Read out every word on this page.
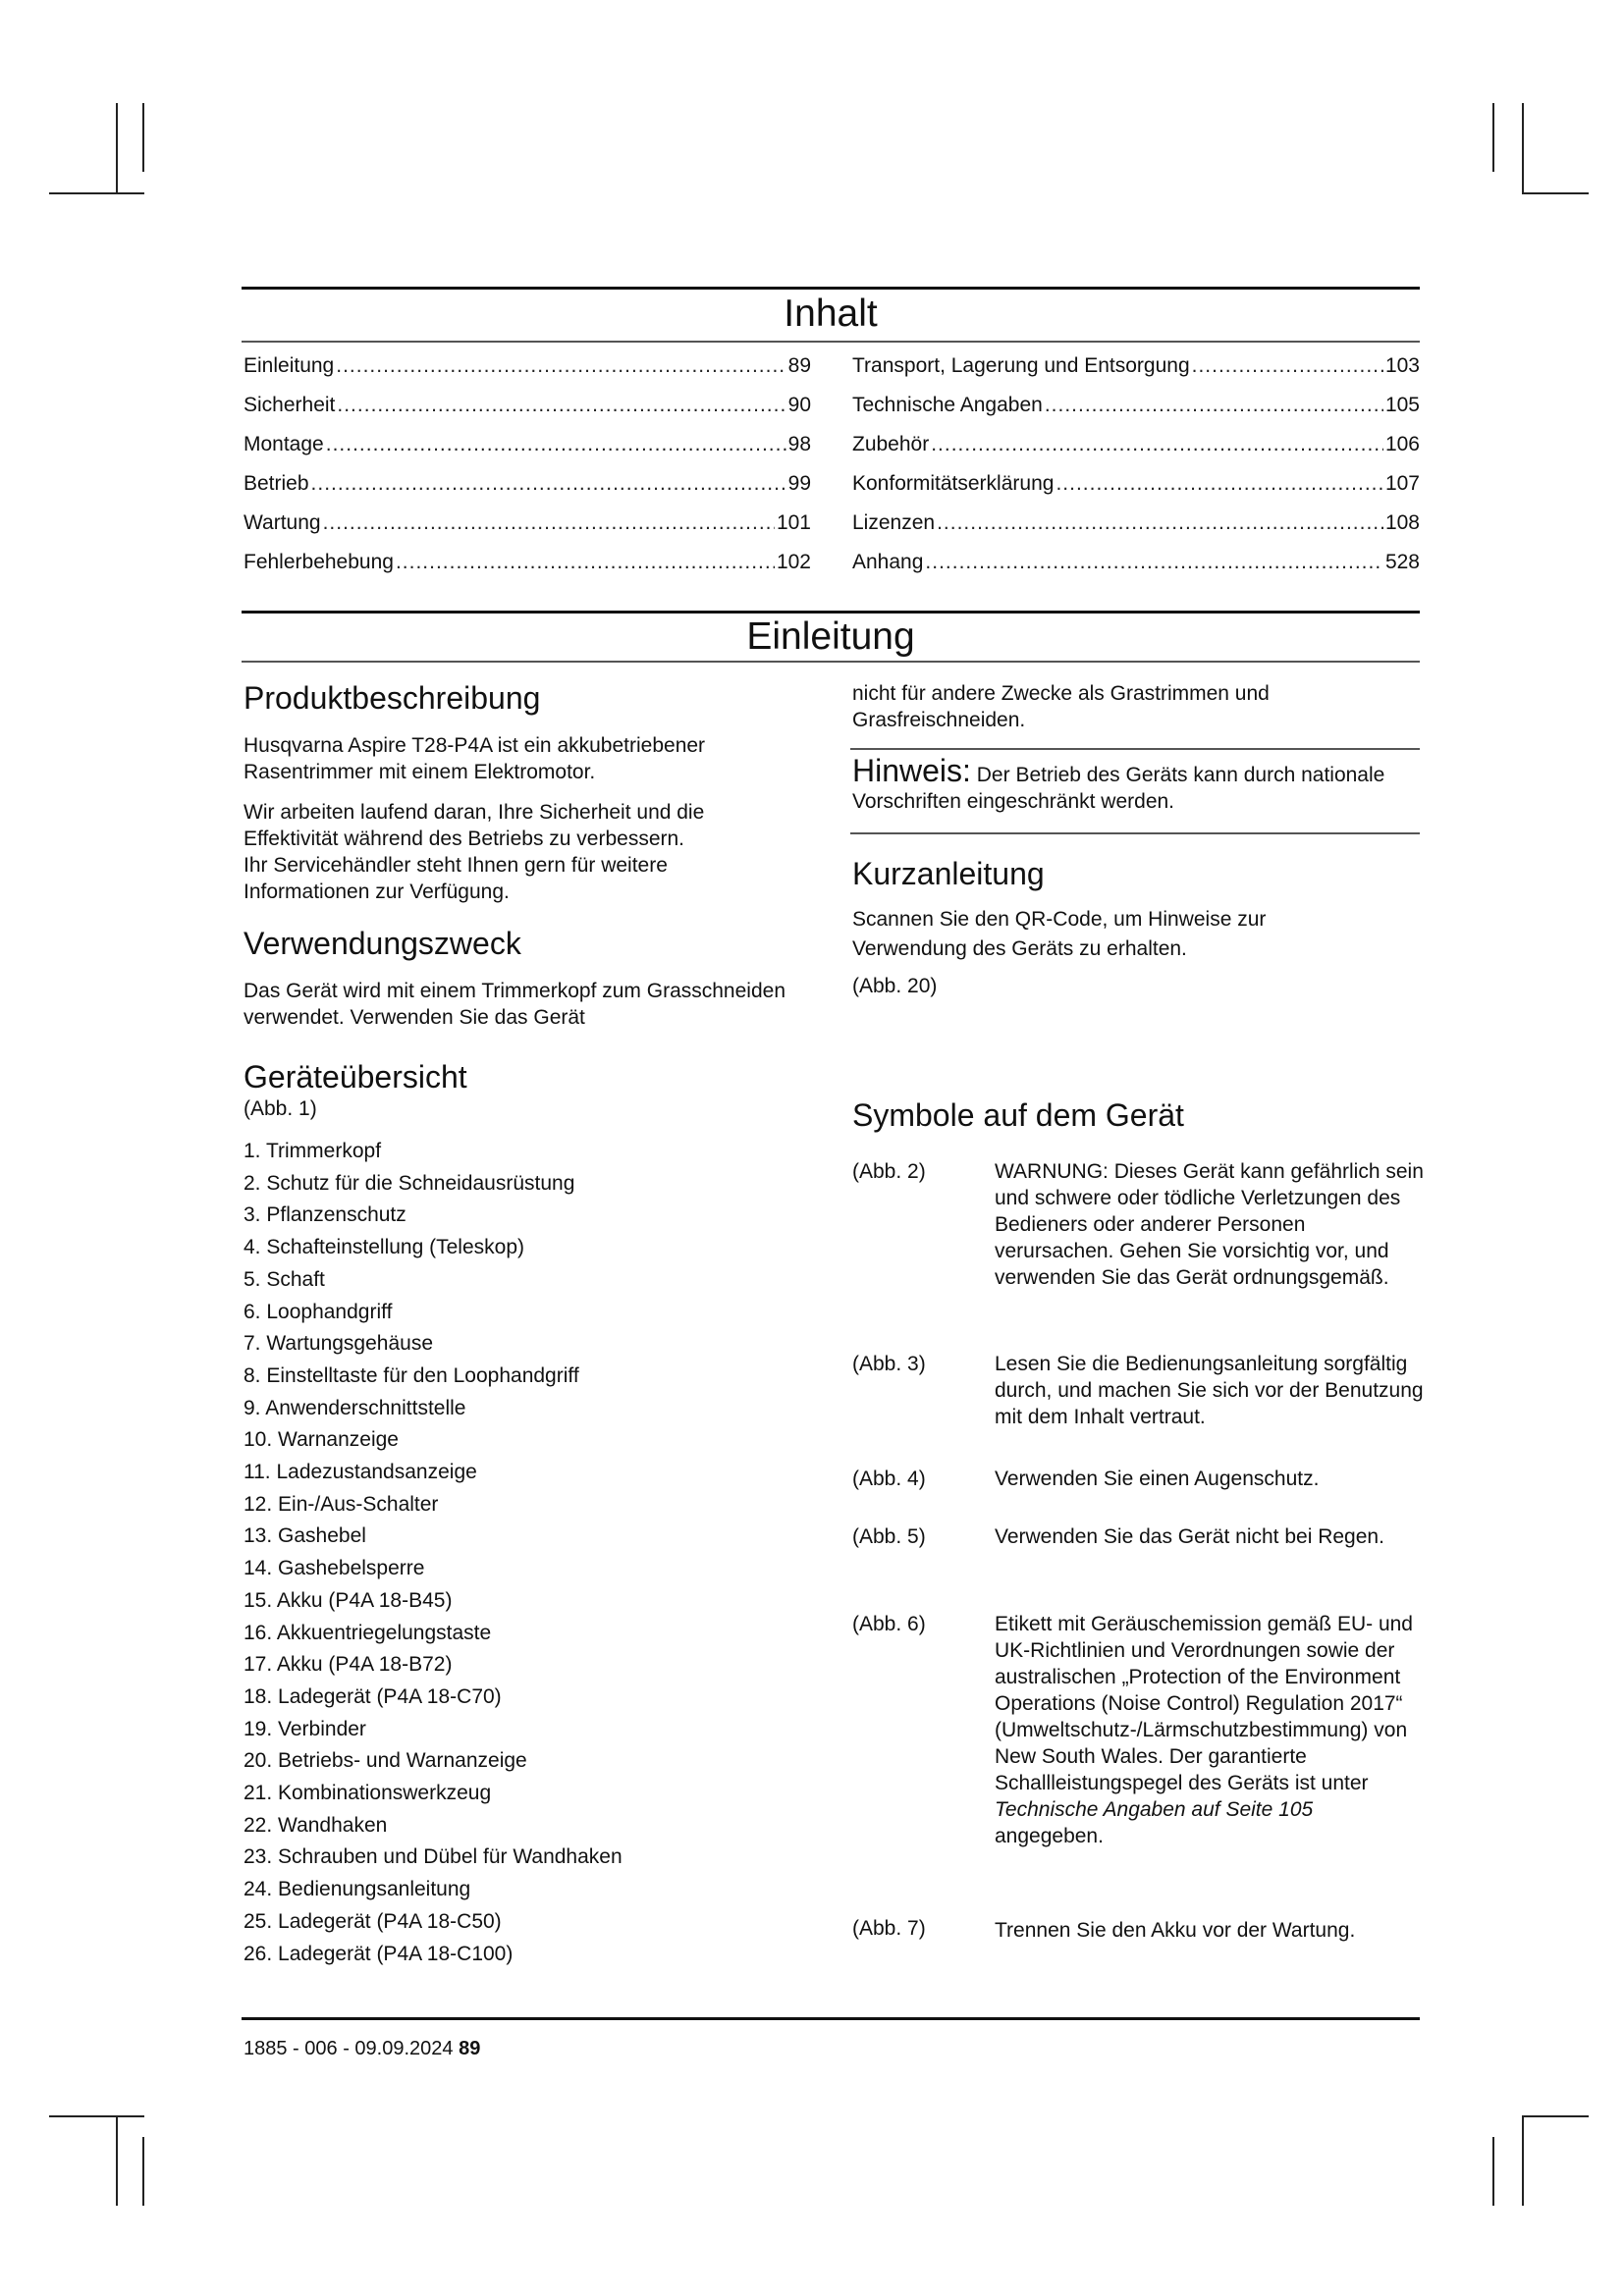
Inhalt
Einleitung .....	89
Sicherheit .....	90
Montage .....	98
Betrieb .....	99
Wartung .....	101
Fehlerbehebung .....	102
Transport, Lagerung und Entsorgung .....	103
Technische Angaben .....	105
Zubehör .....	106
Konformitätserklärung .....	107
Lizenzen .....	108
Anhang .....	528
Einleitung
Produktbeschreibung
Husqvarna Aspire T28-P4A ist ein akkubetriebener Rasentrimmer mit einem Elektromotor.
Wir arbeiten laufend daran, Ihre Sicherheit und die Effektivität während des Betriebs zu verbessern.
Ihr Servicehändler steht Ihnen gern für weitere Informationen zur Verfügung.
Verwendungszweck
Das Gerät wird mit einem Trimmerkopf zum Grasschneiden verwendet. Verwenden Sie das Gerät
Geräteübersicht
(Abb. 1)
1. Trimmerkopf
2. Schutz für die Schneidausrüstung
3. Pflanzenschutz
4. Schafteinstellung (Teleskop)
5. Schaft
6. Loophandgriff
7. Wartungsgehäuse
8. Einstelltaste für den Loophandgriff
9. Anwenderschnittstelle
10. Warnanzeige
11. Ladezustandsanzeige
12. Ein-/Aus-Schalter
13. Gashebel
14. Gashebelsperre
15. Akku (P4A 18-B45)
16. Akkuentriegelungstaste
17. Akku (P4A 18-B72)
18. Ladegerät (P4A 18-C70)
19. Verbinder
20. Betriebs- und Warnanzeige
21. Kombinationswerkzeug
22. Wandhaken
23. Schrauben und Dübel für Wandhaken
24. Bedienungsanleitung
25. Ladegerät (P4A 18-C50)
26. Ladegerät (P4A 18-C100)
nicht für andere Zwecke als Grastrimmen und Grasfreischneiden.
Hinweis: Der Betrieb des Geräts kann durch nationale Vorschriften eingeschränkt werden.
Kurzanleitung
Scannen Sie den QR-Code, um Hinweise zur Verwendung des Geräts zu erhalten.
(Abb. 20)
Symbole auf dem Gerät
(Abb. 2)	WARNUNG: Dieses Gerät kann gefährlich sein und schwere oder tödliche Verletzungen des Bedieners oder anderer Personen verursachen. Gehen Sie vorsichtig vor, und verwenden Sie das Gerät ordnungsgemäß.
(Abb. 3)	Lesen Sie die Bedienungsanleitung sorgfältig durch, und machen Sie sich vor der Benutzung mit dem Inhalt vertraut.
(Abb. 4)	Verwenden Sie einen Augenschutz.
(Abb. 5)	Verwenden Sie das Gerät nicht bei Regen.
(Abb. 6)	Etikett mit Geräuschemission gemäß EU- und UK-Richtlinien und Verordnungen sowie der australischen „Protection of the Environment Operations (Noise Control) Regulation 2017“ (Umweltschutz-/Lärmschutzbestimmung) von New South Wales. Der garantierte Schallleistungspegel des Geräts ist unter Technische Angaben auf Seite 105 angegeben.
(Abb. 7)	Trennen Sie den Akku vor der Wartung.
1885 - 006 - 09.09.2024 89
